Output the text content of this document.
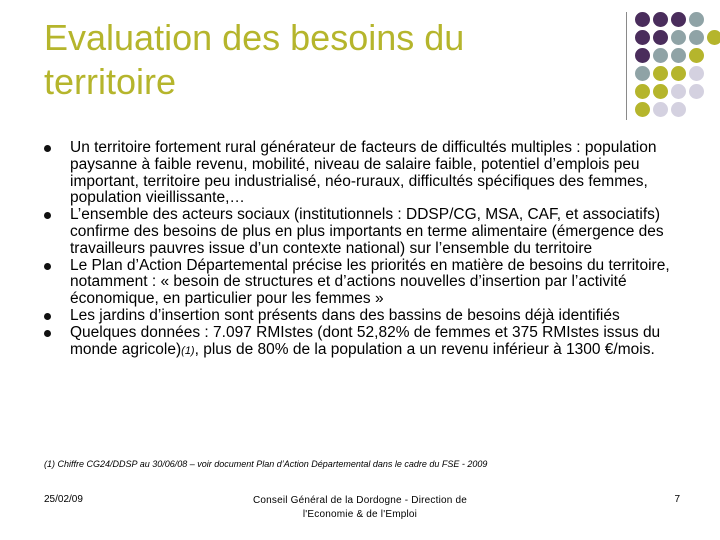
Evaluation des besoins du territoire
Un territoire fortement rural générateur de facteurs de difficultés multiples : population paysanne à faible revenu, mobilité, niveau de salaire faible, potentiel d’emplois peu important, territoire peu industrialisé, néo-ruraux, difficultés spécifiques des femmes, population vieillissante,…
L’ensemble des acteurs sociaux (institutionnels : DDSP/CG, MSA, CAF, et associatifs) confirme des besoins de plus en plus importants en terme alimentaire (émergence des travailleurs pauvres issue d’un contexte national) sur l’ensemble du territoire
Le Plan d’Action Départemental précise les priorités en matière de besoins du territoire, notamment : « besoin de structures et d’actions nouvelles d’insertion par l’activité économique, en particulier pour les femmes »
Les jardins d’insertion sont présents dans des bassins de besoins déjà identifiés
Quelques données : 7.097 RMIstes (dont 52,82% de femmes et 375 RMIstes issus du monde agricole)(1), plus de 80% de la population a un revenu inférieur à 1300 €/mois.
(1) Chiffre CG24/DDSP au 30/06/08 – voir document Plan d’Action Départemental dans le cadre du FSE - 2009
25/02/09	Conseil Général de la Dordogne - Direction de
l'Economie & de l'Emploi
7
